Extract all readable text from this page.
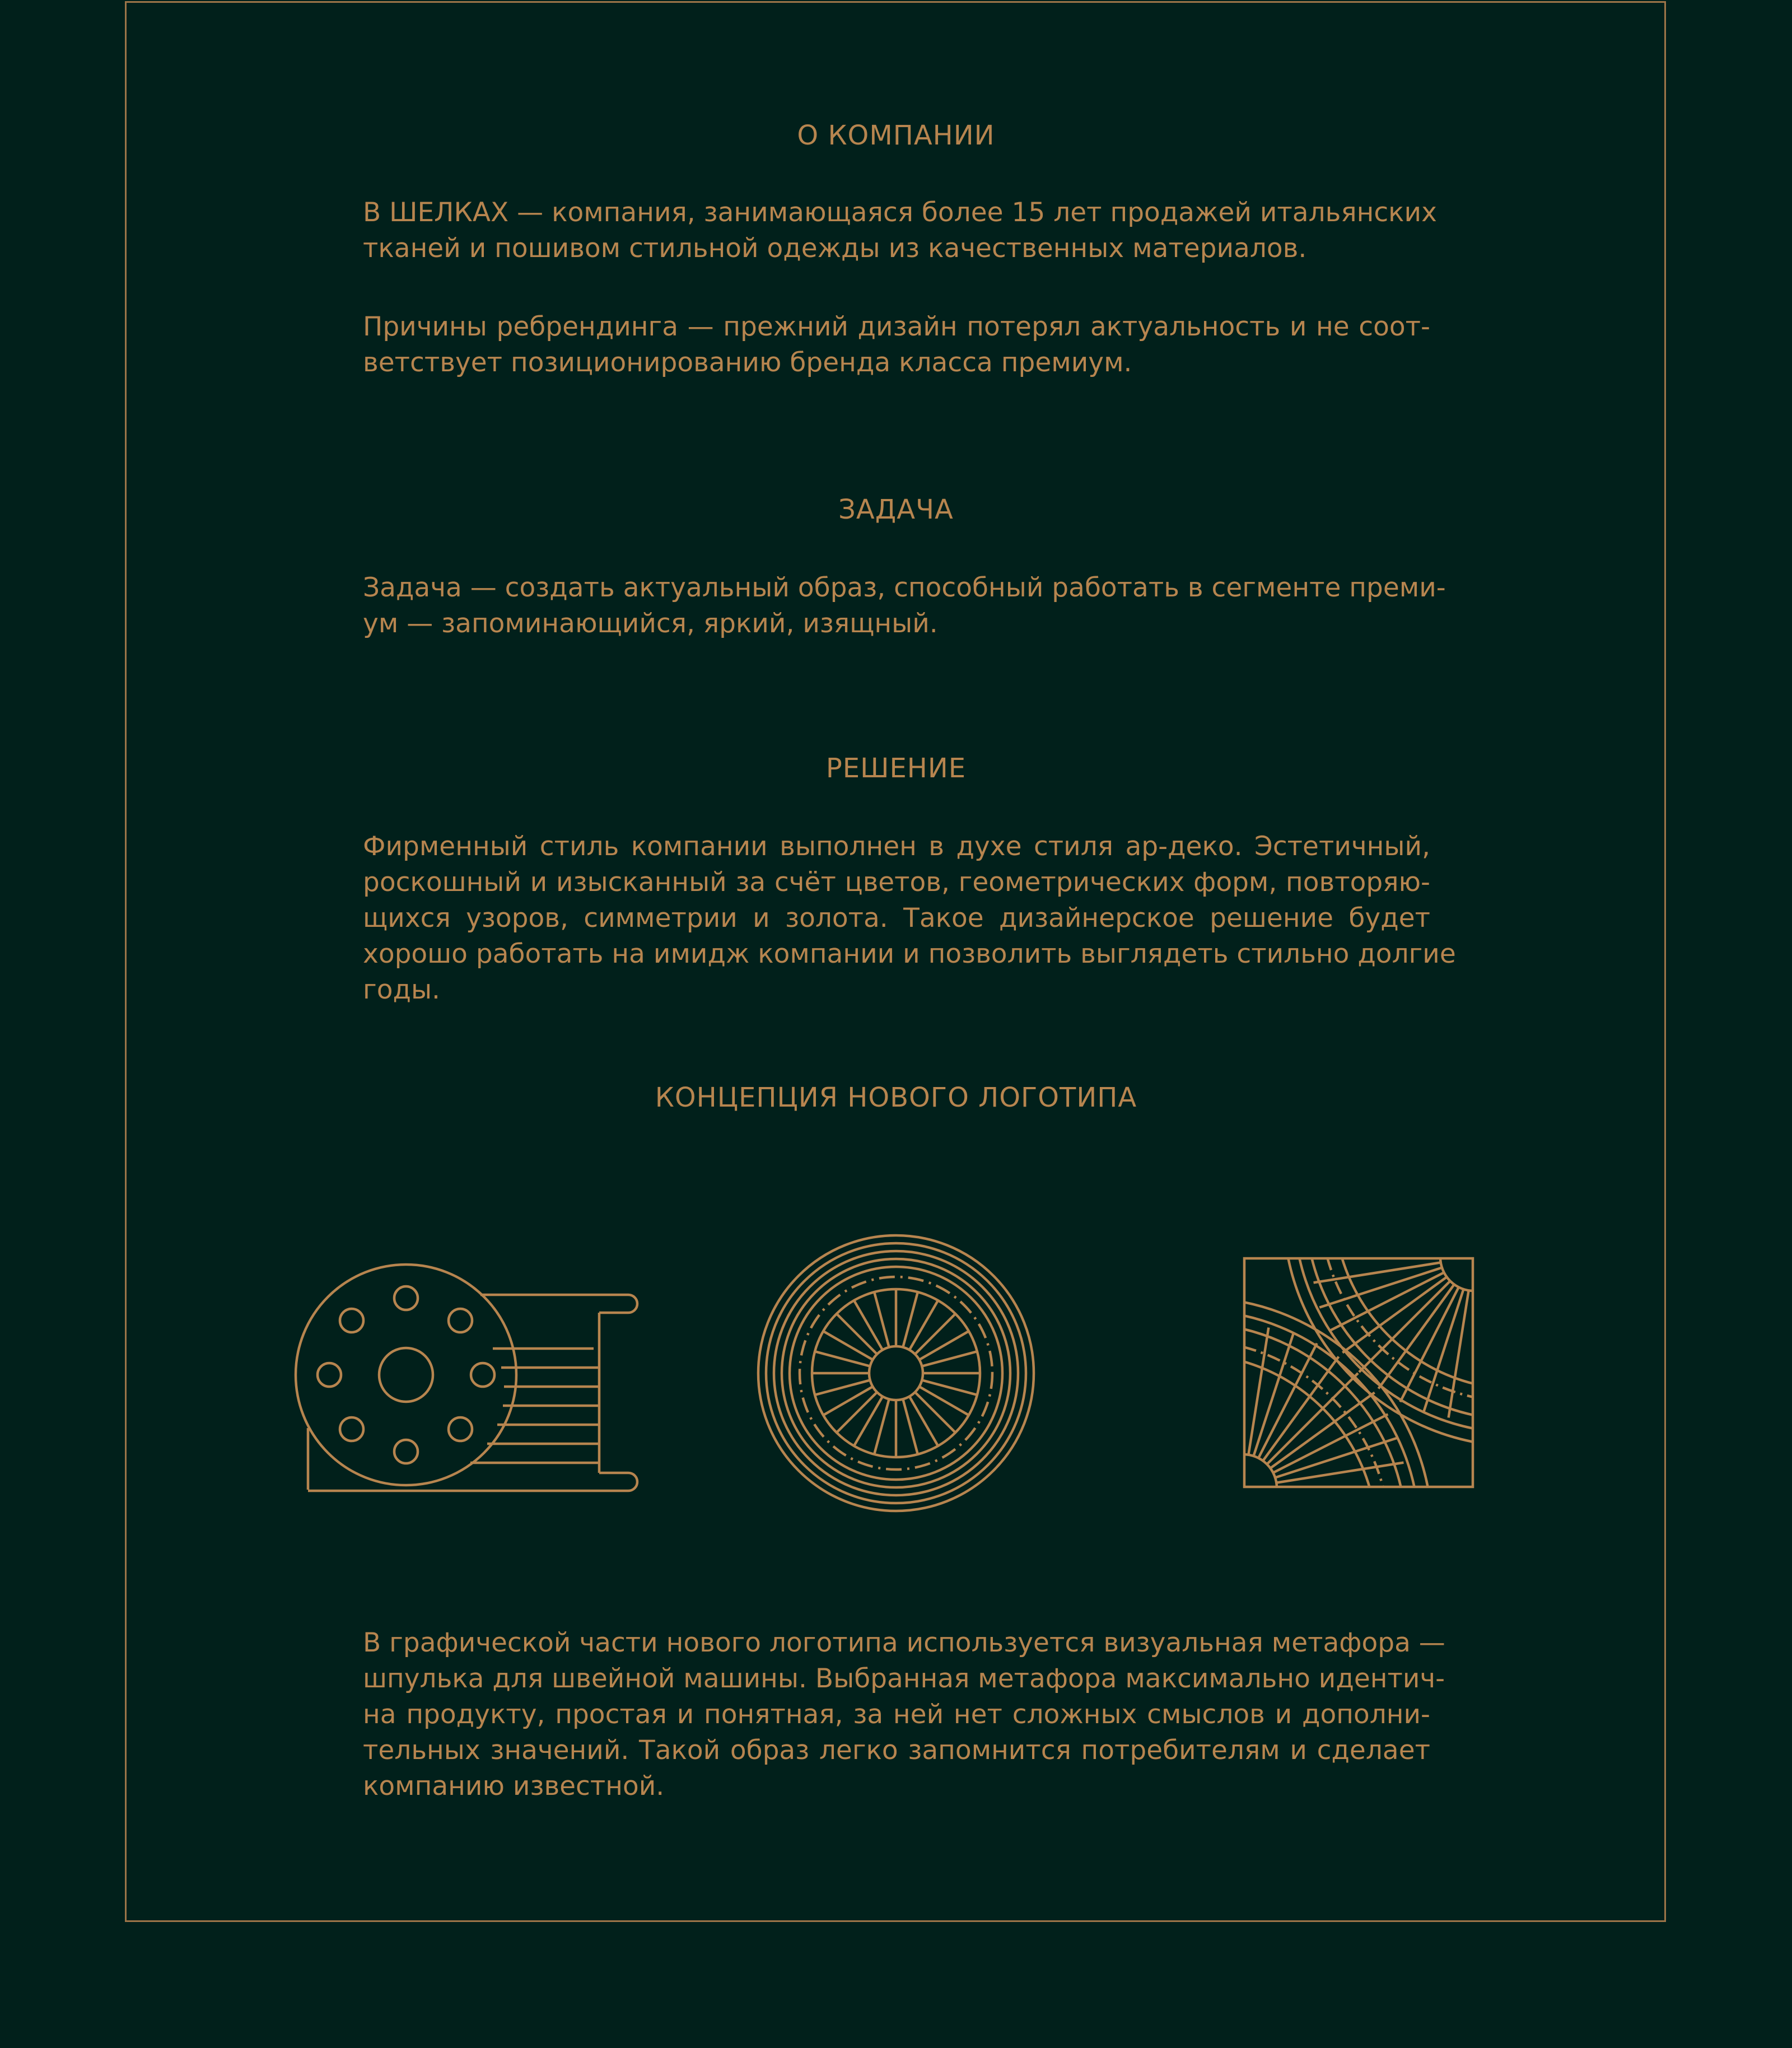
О КОМПАНИИ
В ШЕЛКАХ — компания, занимающаяся более 15 лет продажей итальянских
тканей и пошивом стильной одежды из качественных материалов.
Причины ребрендинга — прежний дизайн потерял актуальность и не соот-
ветствует позиционированию бренда класса премиум.
ЗАДАЧА
Задача — создать актуальный образ, способный работать в сегменте преми-
ум — запоминающийся, яркий, изящный.
РЕШЕНИЕ
Фирменный стиль компании выполнен в духе стиля ар-деко. Эстетичный,
роскошный и изысканный за счёт цветов, геометрических форм, повторяю-
щихся узоров, симметрии и золота. Такое дизайнерское решение будет
хорошо работать на имидж компании и позволить выглядеть стильно долгие
годы.
КОНЦЕПЦИЯ НОВОГО ЛОГОТИПА
В графической части нового логотипа используется визуальная метафора —
шпулька для швейной машины. Выбранная метафора максимально идентич-
на продукту, простая и понятная, за ней нет сложных смыслов и дополни-
тельных значений. Такой образ легко запомнится потребителям и сделает
компанию известной.
